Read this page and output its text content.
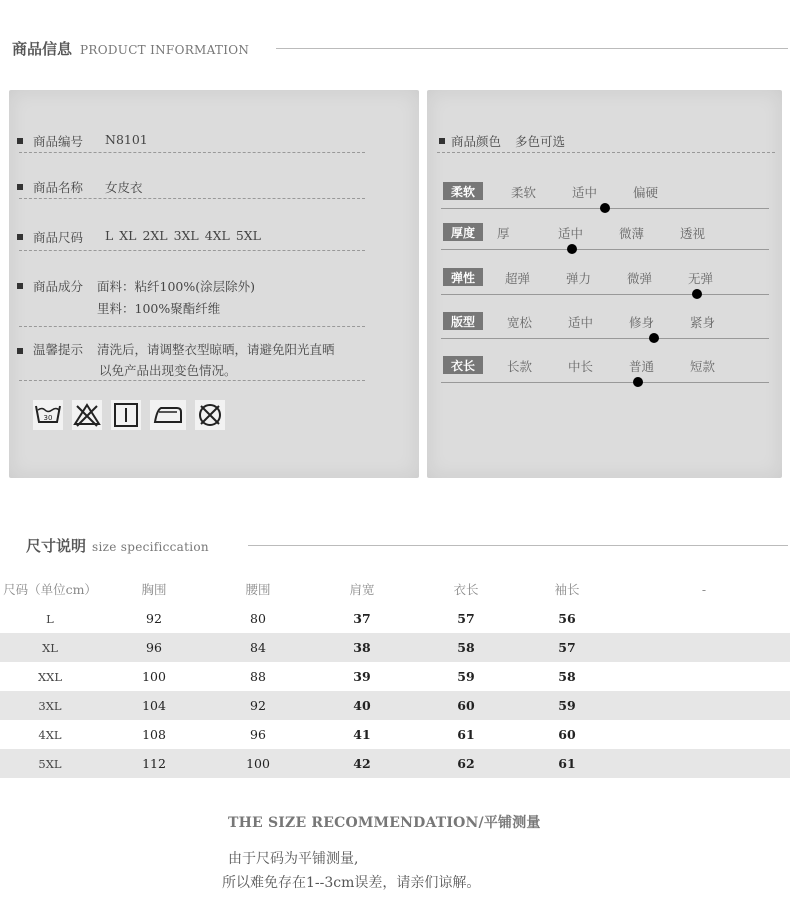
商品信息 PRODUCT INFORMATION
商品编号 N8101
商品名称 女皮衣
商品尺码 L XL 2XL 3XL 4XL 5XL
商品成分 面料：粘纤100%(涂层除外)
里料：100%聚酯纤维
温馨提示 清洗后，请调整衣型晾晒，请避免阳光直晒
以免产品出现变色情况。
30
商品颜色 多色可选
柔软	柔软	适中	偏硬
厚度	厚	适中	微薄	透视
弹性	超弹	弹力	微弹	无弹
版型	宽松	适中	修身	紧身
衣长	长款	中长	普通	短款
尺寸说明 size specificcation
尺码（单位cm）	胸围	腰围	肩宽	衣长	袖长	-
L	92	80	37	57	56	
XL	96	84	38	58	57	
XXL	100	88	39	59	58	
3XL	104	92	40	60	59	
4XL	108	96	41	61	60	
5XL	112	100	42	62	61	
THE SIZE RECOMMENDATION/平铺测量
由于尺码为平铺测量,
所以难免存在1--3cm误差，请亲们谅解。
